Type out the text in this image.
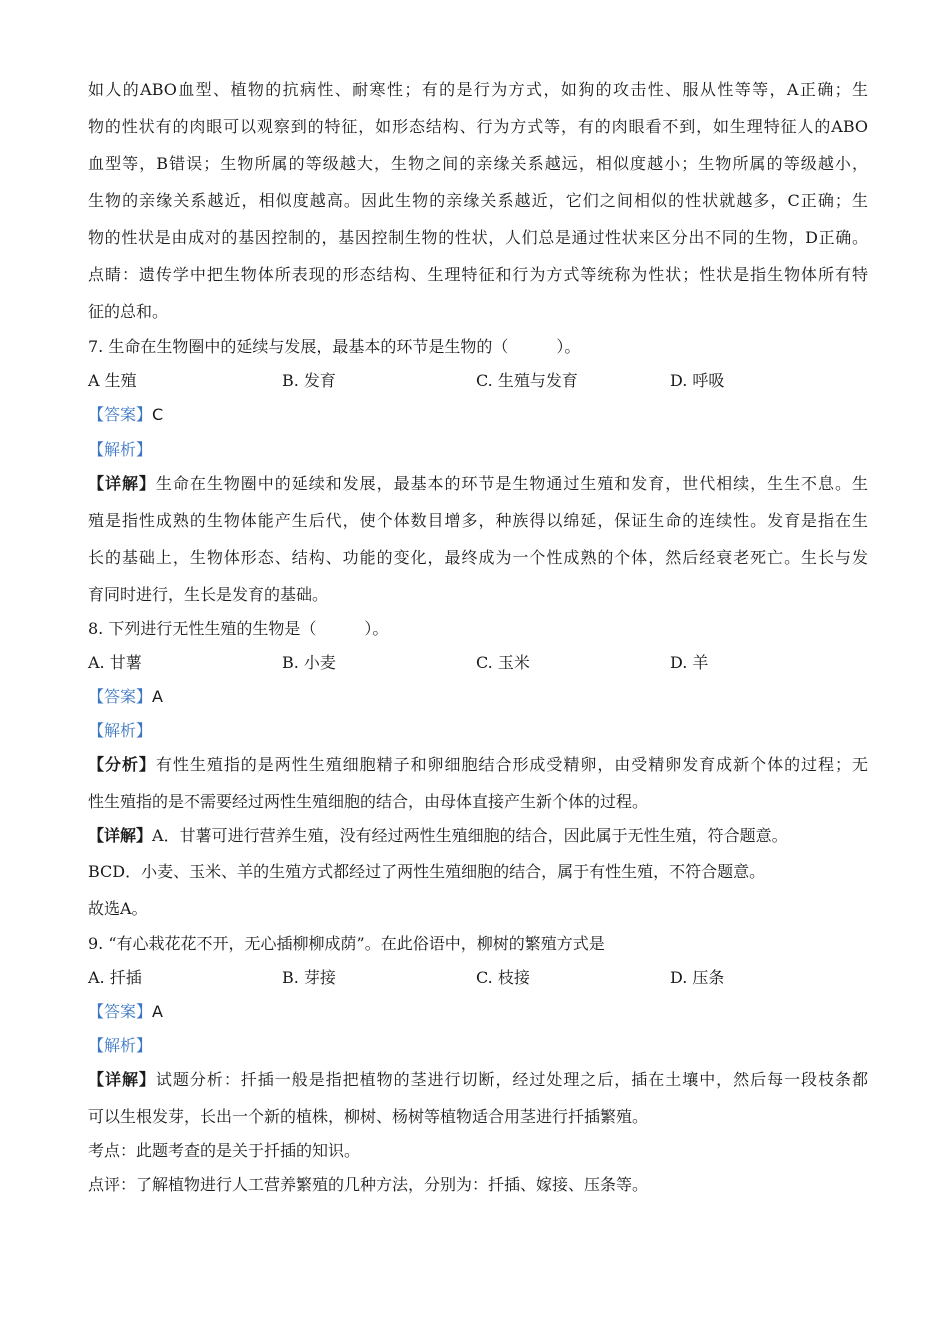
如人的ABO血型、植物的抗病性、耐寒性；有的是行为方式，如狗的攻击性、服从性等等，A正确；生
物的性状有的肉眼可以观察到的特征，如形态结构、行为方式等，有的肉眼看不到，如生理特征人的ABO
血型等，B错误；生物所属的等级越大，生物之间的亲缘关系越远，相似度越小；生物所属的等级越小，
生物的亲缘关系越近，相似度越高。因此生物的亲缘关系越近，它们之间相似的性状就越多，C正确；生
物的性状是由成对的基因控制的，基因控制生物的性状，人们总是通过性状来区分出不同的生物，D正确。
点睛：遗传学中把生物体所表现的形态结构、生理特征和行为方式等统称为性状；性状是指生物体所有特
征的总和。
7. 生命在生物圈中的延续与发展，最基本的环节是生物的（　　　）。
A 生殖	B. 发育	C. 生殖与发育	D. 呼吸
【答案】C
【解析】
【详解】生命在生物圈中的延续和发展，最基本的环节是生物通过生殖和发育，世代相续，生生不息。生
殖是指性成熟的生物体能产生后代，使个体数目增多，种族得以绵延，保证生命的连续性。发育是指在生
长的基础上，生物体形态、结构、功能的变化，最终成为一个性成熟的个体，然后经衰老死亡。生长与发
育同时进行，生长是发育的基础。
8. 下列进行无性生殖的生物是（　　　）。
A. 甘薯	B. 小麦	C. 玉米	D. 羊
【答案】A
【解析】
【分析】有性生殖指的是两性生殖细胞精子和卵细胞结合形成受精卵，由受精卵发育成新个体的过程；无
性生殖指的是不需要经过两性生殖细胞的结合，由母体直接产生新个体的过程。
【详解】A．甘薯可进行营养生殖，没有经过两性生殖细胞的结合，因此属于无性生殖，符合题意。
BCD．小麦、玉米、羊的生殖方式都经过了两性生殖细胞的结合，属于有性生殖，不符合题意。
故选A。
9. “有心栽花花不开，无心插柳柳成荫”。在此俗语中，柳树的繁殖方式是
A. 扦插	B. 芽接	C. 枝接	D. 压条
【答案】A
【解析】
【详解】试题分析：扦插一般是指把植物的茎进行切断，经过处理之后，插在土壤中，然后每一段枝条都
可以生根发芽，长出一个新的植株，柳树、杨树等植物适合用茎进行扦插繁殖。
考点：此题考查的是关于扦插的知识。
点评：了解植物进行人工营养繁殖的几种方法，分别为：扦插、嫁接、压条等。
